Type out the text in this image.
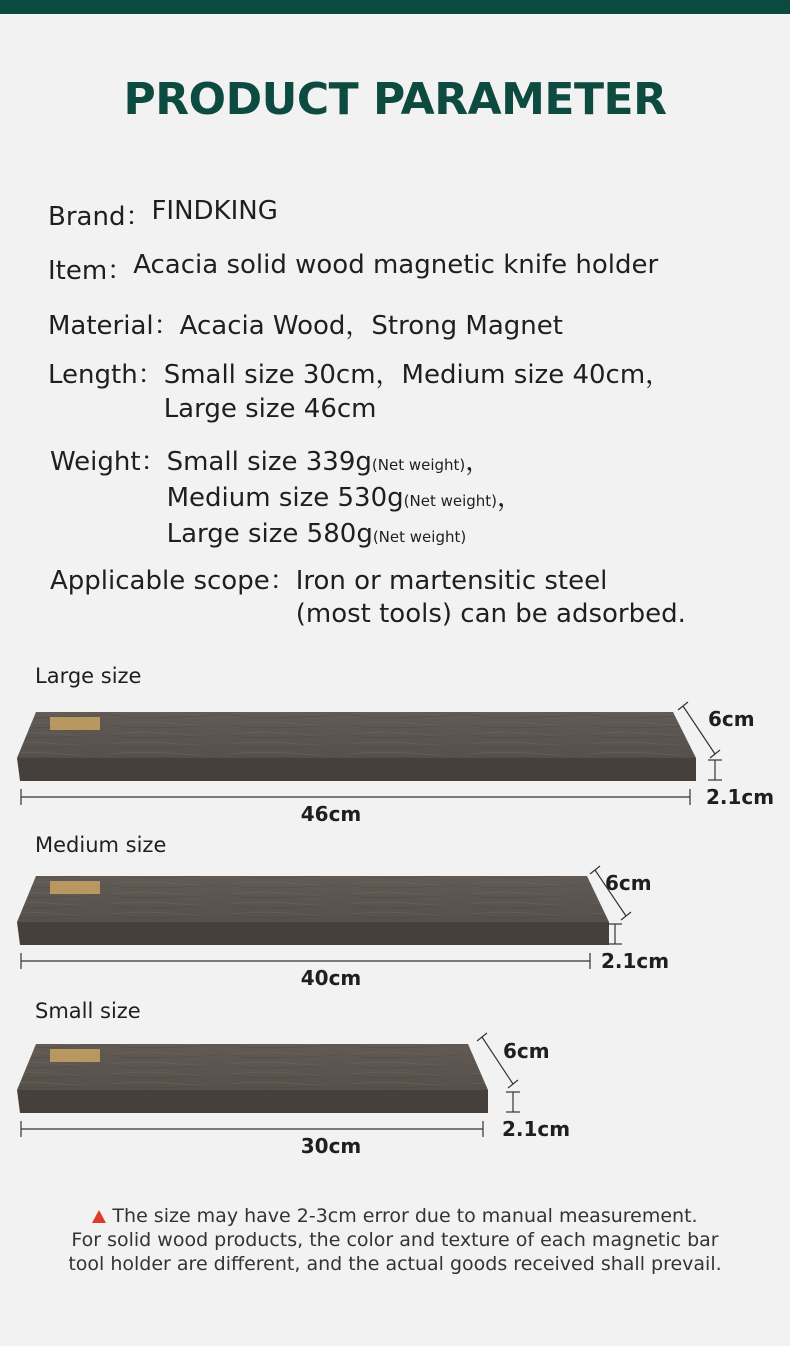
PRODUCT PARAMETER
Brand：FINDKING
Item：Acacia solid wood magnetic knife holder
Material：Acacia Wood，Strong Magnet
Length： Small size 30cm，Medium size 40cm，
Large size 46cm
Weight： Small size 339g(Net weight)，
Medium size 530g(Net weight)，
Large size 580g(Net weight)
Applicable scope： Iron or martensitic steel
(most tools) can be adsorbed.
Large size
Medium size
Small size
46cm
6cm
2.1cm
40cm
6cm
2.1cm
30cm
6cm
2.1cm
The size may have 2-3cm error due to manual measurement.
For solid wood products, the color and texture of each magnetic bar
tool holder are different, and the actual goods received shall prevail.
